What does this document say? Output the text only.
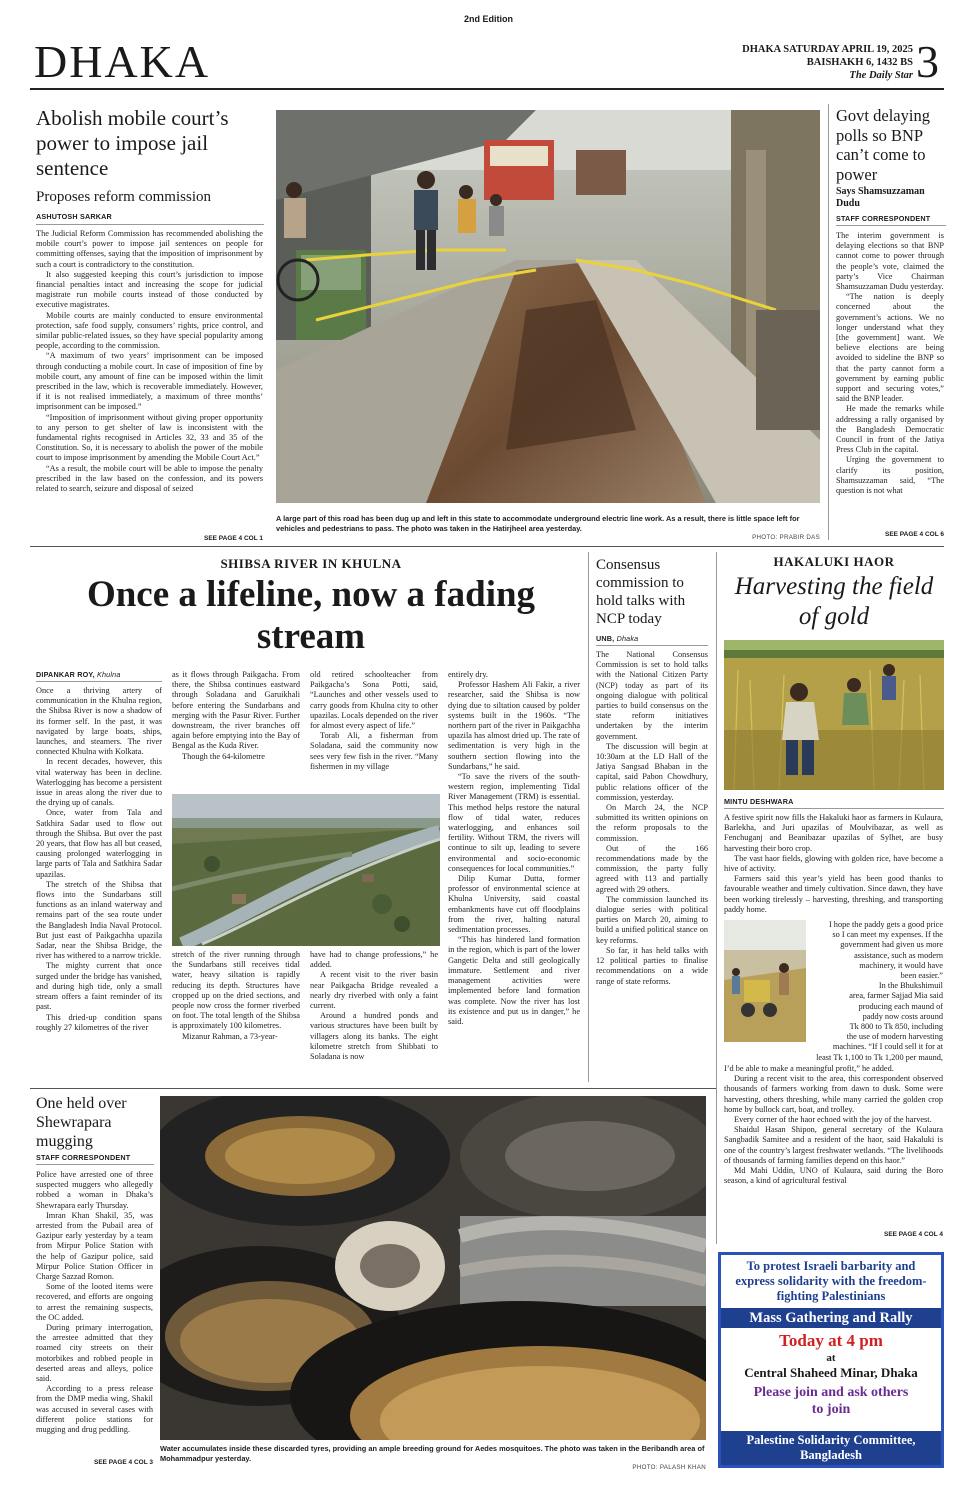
2nd Edition
DHAKA	DHAKA SATURDAY APRIL 19, 2025
BAISHAKH 6, 1432 BS
The Daily Star 3
Abolish mobile court’s power to impose jail sentence
Proposes reform commission
ASHUTOSH SARKAR

The Judicial Reform Commission has recommended abolishing the mobile court’s power to impose jail sentences on people for committing offenses, saying that the imposition of imprisonment by such a court is contradictory to the constitution.

It also suggested keeping this court’s jurisdiction to impose financial penalties intact and increasing the scope for judicial magistrate run mobile courts instead of those conducted by executive magistrates.

Mobile courts are mainly conducted to ensure environmental protection, safe food supply, consumers’ rights, price control, and similar public-related issues, so they have special popularity among people, according to the commission.

“A maximum of two years’ imprisonment can be imposed through conducting a mobile court. In case of imposition of fine by mobile court, any amount of fine can be imposed within the limit prescribed in the law, which is recoverable immediately. However, if it is not realised immediately, a maximum of three months’ imprisonment can be imposed.”

“Imposition of imprisonment without giving proper opportunity to any person to get shelter of law is inconsistent with the fundamental rights recognised in Articles 32, 33 and 35 of the Constitution. So, it is necessary to abolish the power of the mobile court to impose imprisonment by amending the Mobile Court Act.”

“As a result, the mobile court will be able to impose the penalty prescribed in the law based on the confession, and its powers related to search, seizure and disposal of seized

SEE PAGE 4 COL 1
A large part of this road has been dug up and left in this state to accommodate underground electric line work. As a result, there is little space left for vehicles and pedestrians to pass. The photo was taken in the Hatirjheel area yesterday.
PHOTO: PRABIR DAS
Govt delaying polls so BNP can’t come to power
Says Shamsuzzaman Dudu
STAFF CORRESPONDENT

The interim government is delaying elections so that BNP cannot come to power through the people’s vote, claimed the party’s Vice Chairman Shamsuzzaman Dudu yesterday.

“The nation is deeply concerned about the government’s actions. We no longer understand what they [the government] want. We believe elections are being avoided to sideline the BNP so that the party cannot form a government by earning public support and securing votes,” said the BNP leader.

He made the remarks while addressing a rally organised by the Bangladesh Democratic Council in front of the Jatiya Press Club in the capital.

Urging the government to clarify its position, Shamsuzzaman said, “The question is not what

SEE PAGE 4 COL 6
SHIBSA RIVER IN KHULNA
Once a lifeline, now a fading stream
DIPANKAR ROY, Khulna

Once a thriving artery of communication in the Khulna region, the Shibsa River is now a shadow of its former self. In the past, it was navigated by large boats, ships, launches, and steamers. The river connected Khulna with Kolkata.

In recent decades, however, this vital waterway has been in decline. Waterlogging has become a persistent issue in areas along the river due to the drying up of canals.

Once, water from Tala and Satkhira Sadar used to flow out through the Shibsa. But over the past 20 years, that flow has all but ceased, causing prolonged waterlogging in large parts of Tala and Satkhira Sadar upazilas.

The stretch of the Shibsa that flows into the Sundarbans still functions as an inland waterway and remains part of the sea route under the Bangladesh India Naval Protocol. But just east of Paikgachha upazila Sadar, near the Shibsa Bridge, the river has withered to a narrow trickle.

The mighty current that once surged under the bridge has vanished, and during high tide, only a small stream offers a faint reminder of its past.

This dried-up condition spans roughly 27 kilometres of the river

as it flows through Paikgacha. From there, the Shibsa continues eastward through Soladana and Garuikhali before entering the Sundarbans and merging with the Pasur River. Further downstream, the river branches off again before emptying into the Bay of Bengal as the Kuda River.

Though the 64-kilometre

old retired schoolteacher from Paikgacha’s Sona Potti, said, “Launches and other vessels used to carry goods from Khulna city to other upazilas. Locals depended on the river for almost every aspect of life.”

Torab Ali, a fisherman from Soladana, said the community now sees very few fish in the river. “Many fishermen in my village

stretch of the river running through the Sundarbans still receives tidal water, heavy siltation is rapidly reducing its depth. Structures have cropped up on the dried sections, and people now cross the former riverbed on foot. The total length of the Shibsa is approximately 100 kilometres.

Mizanur Rahman, a 73-year-

have had to change professions,” he added.

A recent visit to the river basin near Paikgacha Bridge revealed a nearly dry riverbed with only a faint current.

Around a hundred ponds and various structures have been built by villagers along its banks. The eight kilometre stretch from Shibbati to Soladana is now

entirely dry.

Professor Hashem Ali Fakir, a river researcher, said the Shibsa is now dying due to siltation caused by polder systems built in the 1960s. “The northern part of the river in Paikgachha upazila has almost dried up. The rate of sedimentation is very high in the southern section flowing into the Sundarbans,” he said.

“To save the rivers of the south-western region, implementing Tidal River Management (TRM) is essential. This method helps restore the natural flow of tidal water, reduces waterlogging, and enhances soil fertility. Without TRM, the rivers will continue to silt up, leading to severe environmental and socio-economic consequences for local communities.”

Dilip Kumar Dutta, former professor of environmental science at Khulna University, said coastal embankments have cut off floodplains from the river, halting natural sedimentation processes.

“This has hindered land formation in the region, which is part of the lower Gangetic Delta and still geologically immature. Settlement and river management activities were implemented before land formation was complete. Now the river has lost its existence and put us in danger,” he said.

Consensus commission to hold talks with NCP today
UNB, Dhaka

The National Consensus Commission is set to hold talks with the National Citizen Party (NCP) today as part of its ongoing dialogue with political parties to build consensus on the state reform initiatives undertaken by the interim government.

The discussion will begin at 10:30am at the LD Hall of the Jatiya Sangsad Bhaban in the capital, said Pabon Chowdhury, public relations officer of the commission, yesterday.

On March 24, the NCP submitted its written opinions on the reform proposals to the commission.

Out of the 166 recommendations made by the commission, the party fully agreed with 113 and partially agreed with 29 others.

The commission launched its dialogue series with political parties on March 20, aiming to build a unified political stance on key reforms.

So far, it has held talks with 12 political parties to finalise recommendations on a wide range of state reforms.

HAKALUKI HAOR
Harvesting the field of gold
MINTU DESHWARA

A festive spirit now fills the Hakaluki haor as farmers in Kulaura, Barlekha, and Juri upazilas of Moulvibazar, as well as Fenchuganj and Beanibazar upazilas of Sylhet, are busy harvesting their boro crop.

The vast haor fields, glowing with golden rice, have become a hive of activity.

Farmers said this year’s yield has been good thanks to favourable weather and timely cultivation. Since dawn, they have been working tirelessly – harvesting, threshing, and transporting paddy home.

I hope the paddy gets a good price
so I can meet my expenses. If the
government had given us more
assistance, such as modern
machinery, it would have
been easier.”
In the Bhukshimuil
area, farmer Sajjad Mia said
producing each maund of
paddy now costs around
Tk 800 to Tk 850, including
the use of modern harvesting
machines. “If I could sell it for at
least Tk 1,100 to Tk 1,200 per maund,

I’d be able to make a meaningful profit,” he added.

During a recent visit to the area, this correspondent observed thousands of farmers working from dawn to dusk. Some were harvesting, others threshing, while many carried the golden crop home by bullock cart, boat, and trolley.

Every corner of the haor echoed with the joy of the harvest.

Shaidul Hasan Shipon, general secretary of the Kulaura Sangbadik Samitee and a resident of the haor, said Hakaluki is one of the country’s largest freshwater wetlands. “The livelihoods of thousands of farming families depend on this haor.”

Md Mahi Uddin, UNO of Kulaura, said during the Boro season, a kind of agricultural festival

SEE PAGE 4 COL 4
One held over Shewrapara mugging
STAFF CORRESPONDENT

Police have arrested one of three suspected muggers who allegedly robbed a woman in Dhaka’s Shewrapara early Thursday.

Imran Khan Shakil, 35, was arrested from the Pubail area of Gazipur early yesterday by a team from Mirpur Police Station with the help of Gazipur police, said Mirpur Police Station Officer in Charge Sazzad Romon.

Some of the looted items were recovered, and efforts are ongoing to arrest the remaining suspects, the OC added.

During primary interrogation, the arrestee admitted that they roamed city streets on their motorbikes and robbed people in deserted areas and alleys, police said.

According to a press release from the DMP media wing, Shakil was accused in several cases with different police stations for mugging and drug peddling.

SEE PAGE 4 COL 3
Water accumulates inside these discarded tyres, providing an ample breeding ground for Aedes mosquitoes. The photo was taken in the Beribandh area of Mohammadpur yesterday.
PHOTO: PALASH KHAN
To protest Israeli barbarity and express solidarity with the freedom-fighting Palestinians
Mass Gathering and Rally
Today at 4 pm
at
Central Shaheed Minar, Dhaka
Please join and ask others to join
Palestine Solidarity Committee, Bangladesh
